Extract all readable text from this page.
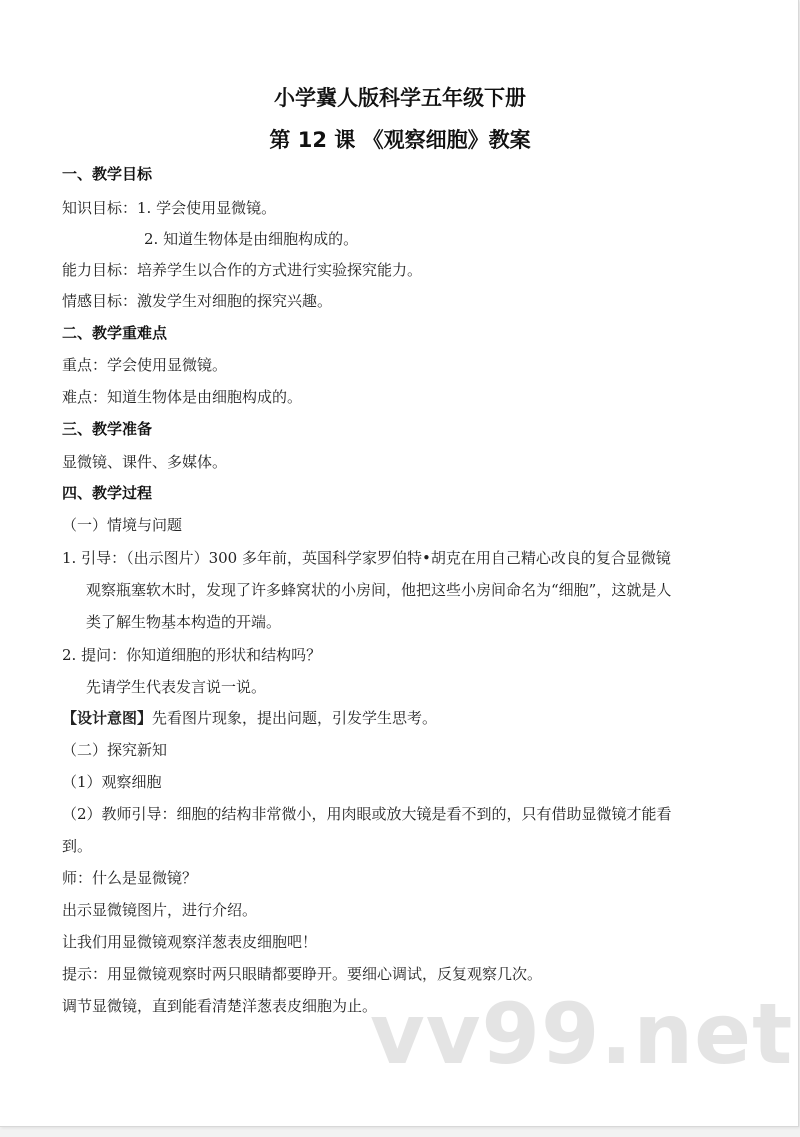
小学冀人版科学五年级下册

第 12 课 《观察细胞》教案

一、教学目标

知识目标：1. 学会使用显微镜。

2. 知道生物体是由细胞构成的。

能力目标：培养学生以合作的方式进行实验探究能力。

情感目标：激发学生对细胞的探究兴趣。

二、教学重难点

重点：学会使用显微镜。

难点：知道生物体是由细胞构成的。

三、教学准备

显微镜、课件、多媒体。

四、教学过程

（一）情境与问题

1. 引导：（出示图片）300 多年前，英国科学家罗伯特•胡克在用自己精心改良的复合显微镜

观察瓶塞软木时，发现了许多蜂窝状的小房间，他把这些小房间命名为“细胞”，这就是人

类了解生物基本构造的开端。

2. 提问：你知道细胞的形状和结构吗？

先请学生代表发言说一说。

【设计意图】先看图片现象，提出问题，引发学生思考。

（二）探究新知

（1）观察细胞

（2）教师引导：细胞的结构非常微小，用肉眼或放大镜是看不到的，只有借助显微镜才能看

到。

师：什么是显微镜？

出示显微镜图片，进行介绍。

让我们用显微镜观察洋葱表皮细胞吧！

提示：用显微镜观察时两只眼睛都要睁开。要细心调试，反复观察几次。

调节显微镜，直到能看清楚洋葱表皮细胞为止。

vv99.net
